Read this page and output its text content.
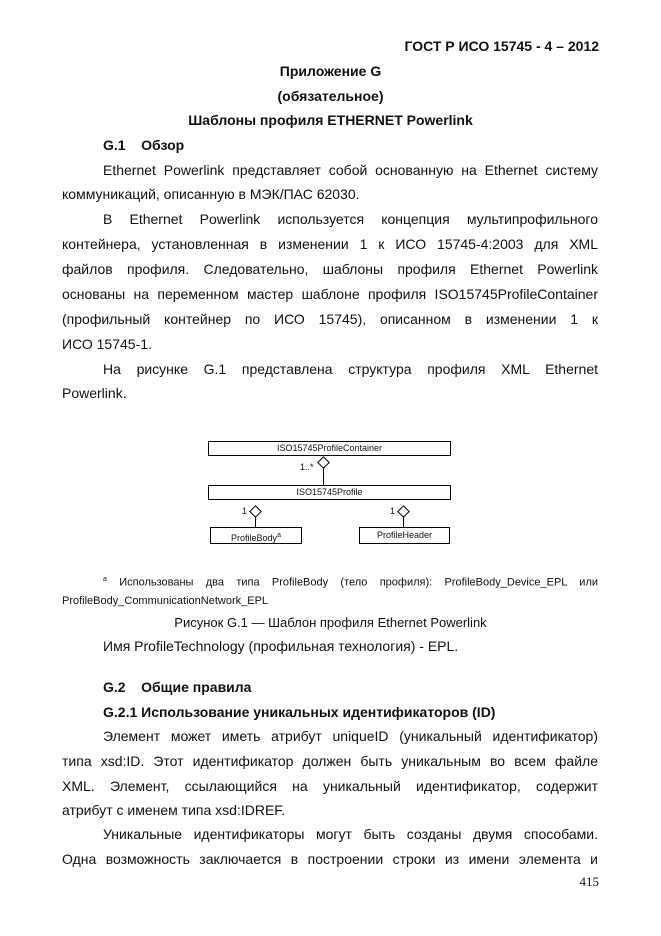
ГОСТ Р ИСО 15745 - 4 – 2012
Приложение G
(обязательное)
Шаблоны профиля ETHERNET Powerlink
G.1 Обзор
Ethernet Powerlink представляет собой основанную на Ethernet систему
коммуникаций, описанную в МЭК/ПАС 62030.
В Ethernet Powerlink используется концепция мультипрофильного
контейнера, установленная в изменении 1 к ИСО 15745-4:2003 для XML
файлов профиля. Следовательно, шаблоны профиля Ethernet Powerlink
основаны на переменном мастер шаблоне профиля ISO15745ProfileContainer
(профильный контейнер по ИСО 15745), описанном в изменении 1 к
ИСО 15745-1.
На рисунке G.1 представлена структура профиля XML Ethernet
Powerlink.
ISO15745ProfileContainer
1..*
ISO15745Profile
1	1
ProfileBody$^a$	ProfileHeader
$^a$ Использованы два типа ProfileBody (тело профиля): ProfileBody_Device_EPL или
ProfileBody_CommunicationNetwork_EPL
Рисунок G.1 — Шаблон профиля Ethernet Powerlink
Имя ProfileTechnology (профильная технология) - EPL.
G.2 Общие правила
G.2.1 Использование уникальных идентификаторов (ID)
Элемент может иметь атрибут uniqueID (уникальный идентификатор)
типа xsd:ID. Этот идентификатор должен быть уникальным во всем файле
XML. Элемент, ссылающийся на уникальный идентификатор, содержит
атрибут с именем типа xsd:IDREF.
Уникальные идентификаторы могут быть созданы двумя способами.
Одна возможность заключается в построении строки из имени элемента и
415
